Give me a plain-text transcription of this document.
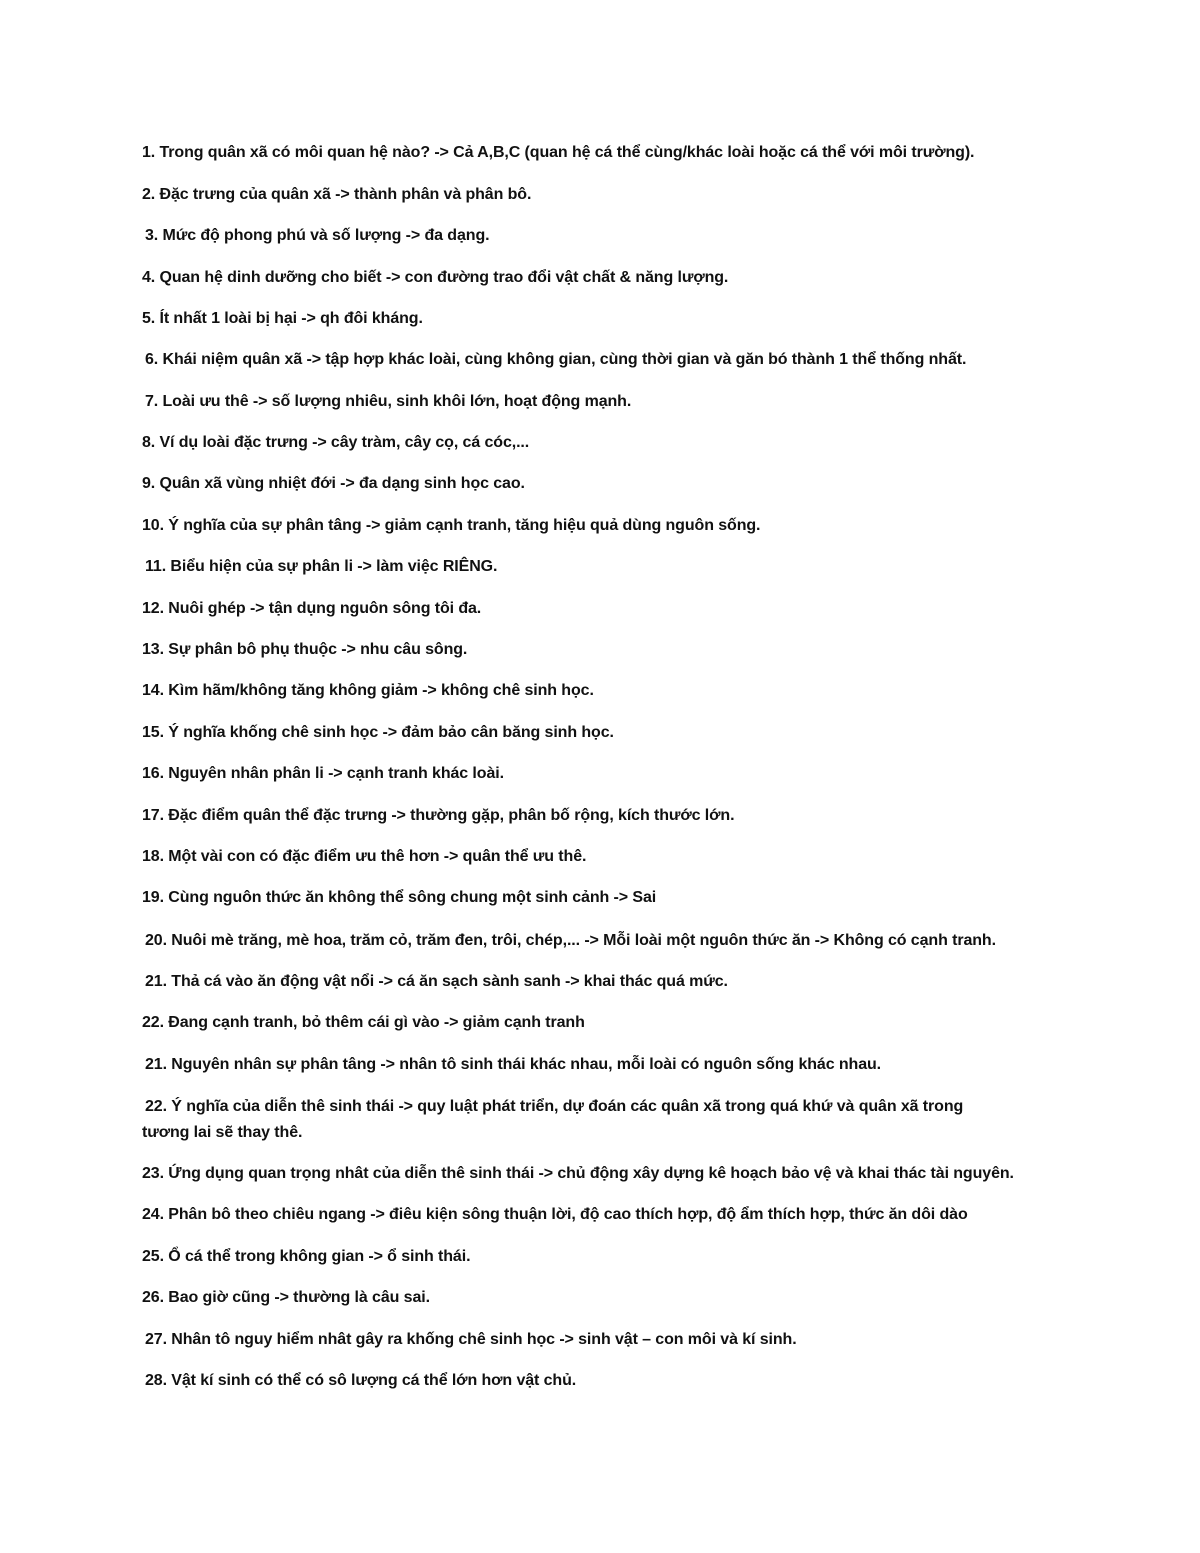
1. Trong quân xã có môi quan hệ nào? -> Cả A,B,C (quan hệ cá thể cùng/khác loài hoặc cá thể với môi trường).

2. Đặc trưng của quân xã -> thành phân và phân bô.

3. Mức độ phong phú và số lượng -> đa dạng.

4. Quan hệ dinh dưỡng cho biết -> con đường trao đổi vật chất & năng lượng.

5. Ít nhất 1 loài bị hại -> qh đôi kháng.

6. Khái niệm quân xã -> tập hợp khác loài, cùng không gian, cùng thời gian và găn bó thành 1 thể thống nhất.

7. Loài ưu thê -> số lượng nhiêu, sinh khôi lớn, hoạt động mạnh.

8. Ví dụ loài đặc trưng -> cây tràm, cây cọ, cá cóc,...

9. Quân xã vùng nhiệt đới -> đa dạng sinh học cao.

10. Ý nghĩa của sự phân tâng -> giảm cạnh tranh, tăng hiệu quả dùng nguôn sống.

11. Biểu hiện của sự phân li -> làm việc RIÊNG.

12. Nuôi ghép -> tận dụng nguôn sông tôi đa.

13. Sự phân bô phụ thuộc -> nhu câu sông.

14. Kìm hãm/không tăng không giảm -> không chê sinh học.

15. Ý nghĩa khống chê sinh học -> đảm bảo cân băng sinh học.

16. Nguyên nhân phân li -> cạnh tranh khác loài.

17. Đặc điểm quân thể đặc trưng -> thường gặp, phân bố rộng, kích thước lớn.

18. Một vài con có đặc điểm ưu thê hơn -> quân thể ưu thê.

19. Cùng nguôn thức ăn không thể sông chung một sinh cảnh -> Sai

20. Nuôi mè trăng, mè hoa, trăm cỏ, trăm đen, trôi, chép,... -> Mỗi loài một nguôn thức ăn -> Không có cạnh tranh.

21. Thả cá vào ăn động vật nổi -> cá ăn sạch sành sanh -> khai thác quá mức.

22. Đang cạnh tranh, bỏ thêm cái gì vào -> giảm cạnh tranh

21. Nguyên nhân sự phân tâng -> nhân tô sinh thái khác nhau, mỗi loài có nguôn sống khác nhau.

22. Ý nghĩa của diễn thê sinh thái -> quy luật phát triển, dự đoán các quân xã trong quá khứ và quân xã trong

tương lai sẽ thay thê.

23. Ứng dụng quan trọng nhât của diễn thê sinh thái -> chủ động xây dựng kê hoạch bảo vệ và khai thác tài nguyên.

24. Phân bô theo chiêu ngang -> điêu kiện sông thuận lời, độ cao thích hợp, độ ẩm thích hợp, thức ăn dôi dào

25. Ổ cá thể trong không gian -> ổ sinh thái.

26. Bao giờ cũng -> thường là câu sai.

27. Nhân tô nguy hiểm nhât gây ra khống chê sinh học -> sinh vật – con môi và kí sinh.

28. Vật kí sinh có thể có sô lượng cá thể lớn hơn vật chủ.
